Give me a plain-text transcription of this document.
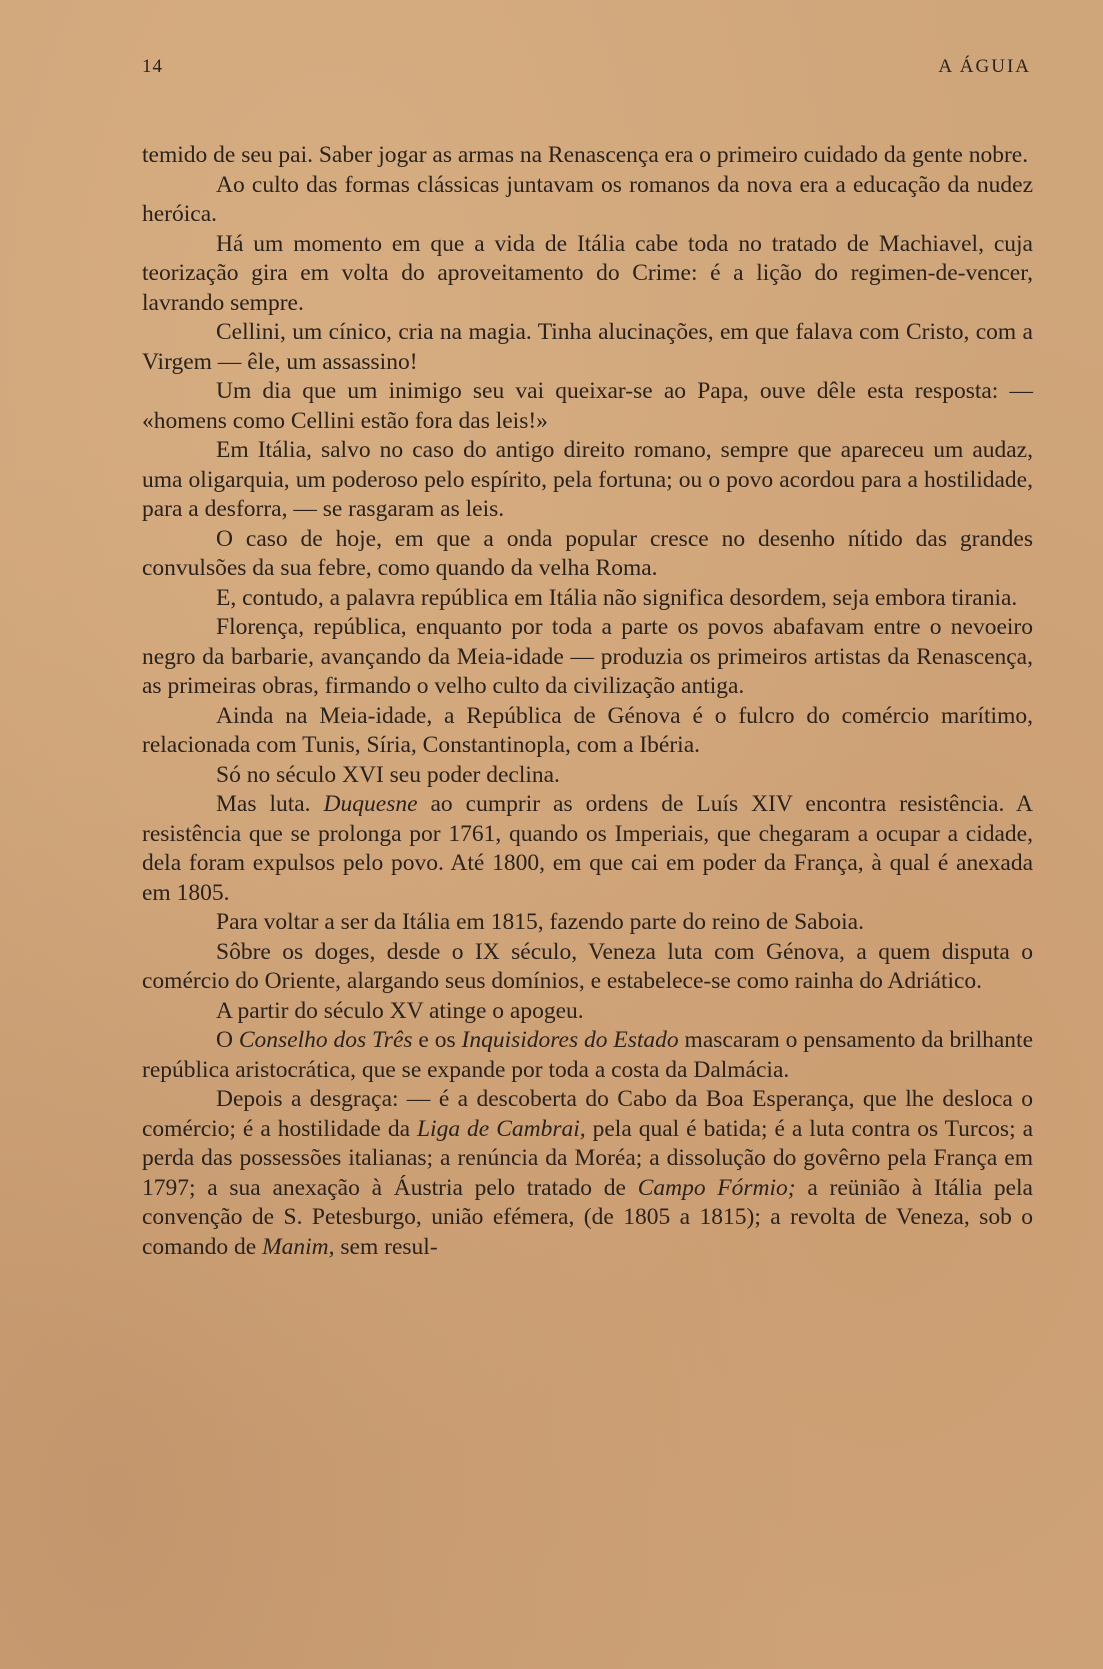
14	A ÁGUIA

temido de seu pai. Saber jogar as armas na Renascença era o primeiro cuidado da gente nobre.

Ao culto das formas clássicas juntavam os romanos da nova era a educação da nudez heróica.

Há um momento em que a vida de Itália cabe toda no tratado de Machiavel, cuja teorização gira em volta do aproveitamento do Crime: é a lição do regimen-de-vencer, lavrando sempre.

Cellini, um cínico, cria na magia. Tinha alucinações, em que falava com Cristo, com a Virgem — êle, um assassino!

Um dia que um inimigo seu vai queixar-se ao Papa, ouve dêle esta resposta: — «homens como Cellini estão fora das leis!»

Em Itália, salvo no caso do antigo direito romano, sempre que apareceu um audaz, uma oligarquia, um poderoso pelo espírito, pela fortuna; ou o povo acordou para a hostilidade, para a desforra, — se rasgaram as leis.

O caso de hoje, em que a onda popular cresce no desenho nítido das grandes convulsões da sua febre, como quando da velha Roma.

E, contudo, a palavra república em Itália não significa desordem, seja embora tirania.

Florença, república, enquanto por toda a parte os povos abafavam entre o nevoeiro negro da barbarie, avançando da Meia-idade — produzia os primeiros artistas da Renascença, as primeiras obras, firmando o velho culto da civilização antiga.

Ainda na Meia-idade, a República de Génova é o fulcro do comércio marítimo, relacionada com Tunis, Síria, Constantinopla, com a Ibéria.

Só no século XVI seu poder declina.

Mas luta. Duquesne ao cumprir as ordens de Luís XIV encontra resistência. A resistência que se prolonga por 1761, quando os Imperiais, que chegaram a ocupar a cidade, dela foram expulsos pelo povo. Até 1800, em que cai em poder da França, à qual é anexada em 1805.

Para voltar a ser da Itália em 1815, fazendo parte do reino de Saboia.

Sôbre os doges, desde o IX século, Veneza luta com Génova, a quem disputa o comércio do Oriente, alargando seus domínios, e estabelece-se como rainha do Adriático.

A partir do século XV atinge o apogeu.

O Conselho dos Três e os Inquisidores do Estado mascaram o pensamento da brilhante república aristocrática, que se expande por toda a costa da Dalmácia.

Depois a desgraça: — é a descoberta do Cabo da Boa Esperança, que lhe desloca o comércio; é a hostilidade da Liga de Cambrai, pela qual é batida; é a luta contra os Turcos; a perda das possessões italianas; a renúncia da Moréa; a dissolução do govêrno pela França em 1797; a sua anexação à Áustria pelo tratado de Campo Fórmio; a reünião à Itália pela convenção de S. Petesburgo, união efémera, (de 1805 a 1815); a revolta de Veneza, sob o comando de Manim, sem resul-
